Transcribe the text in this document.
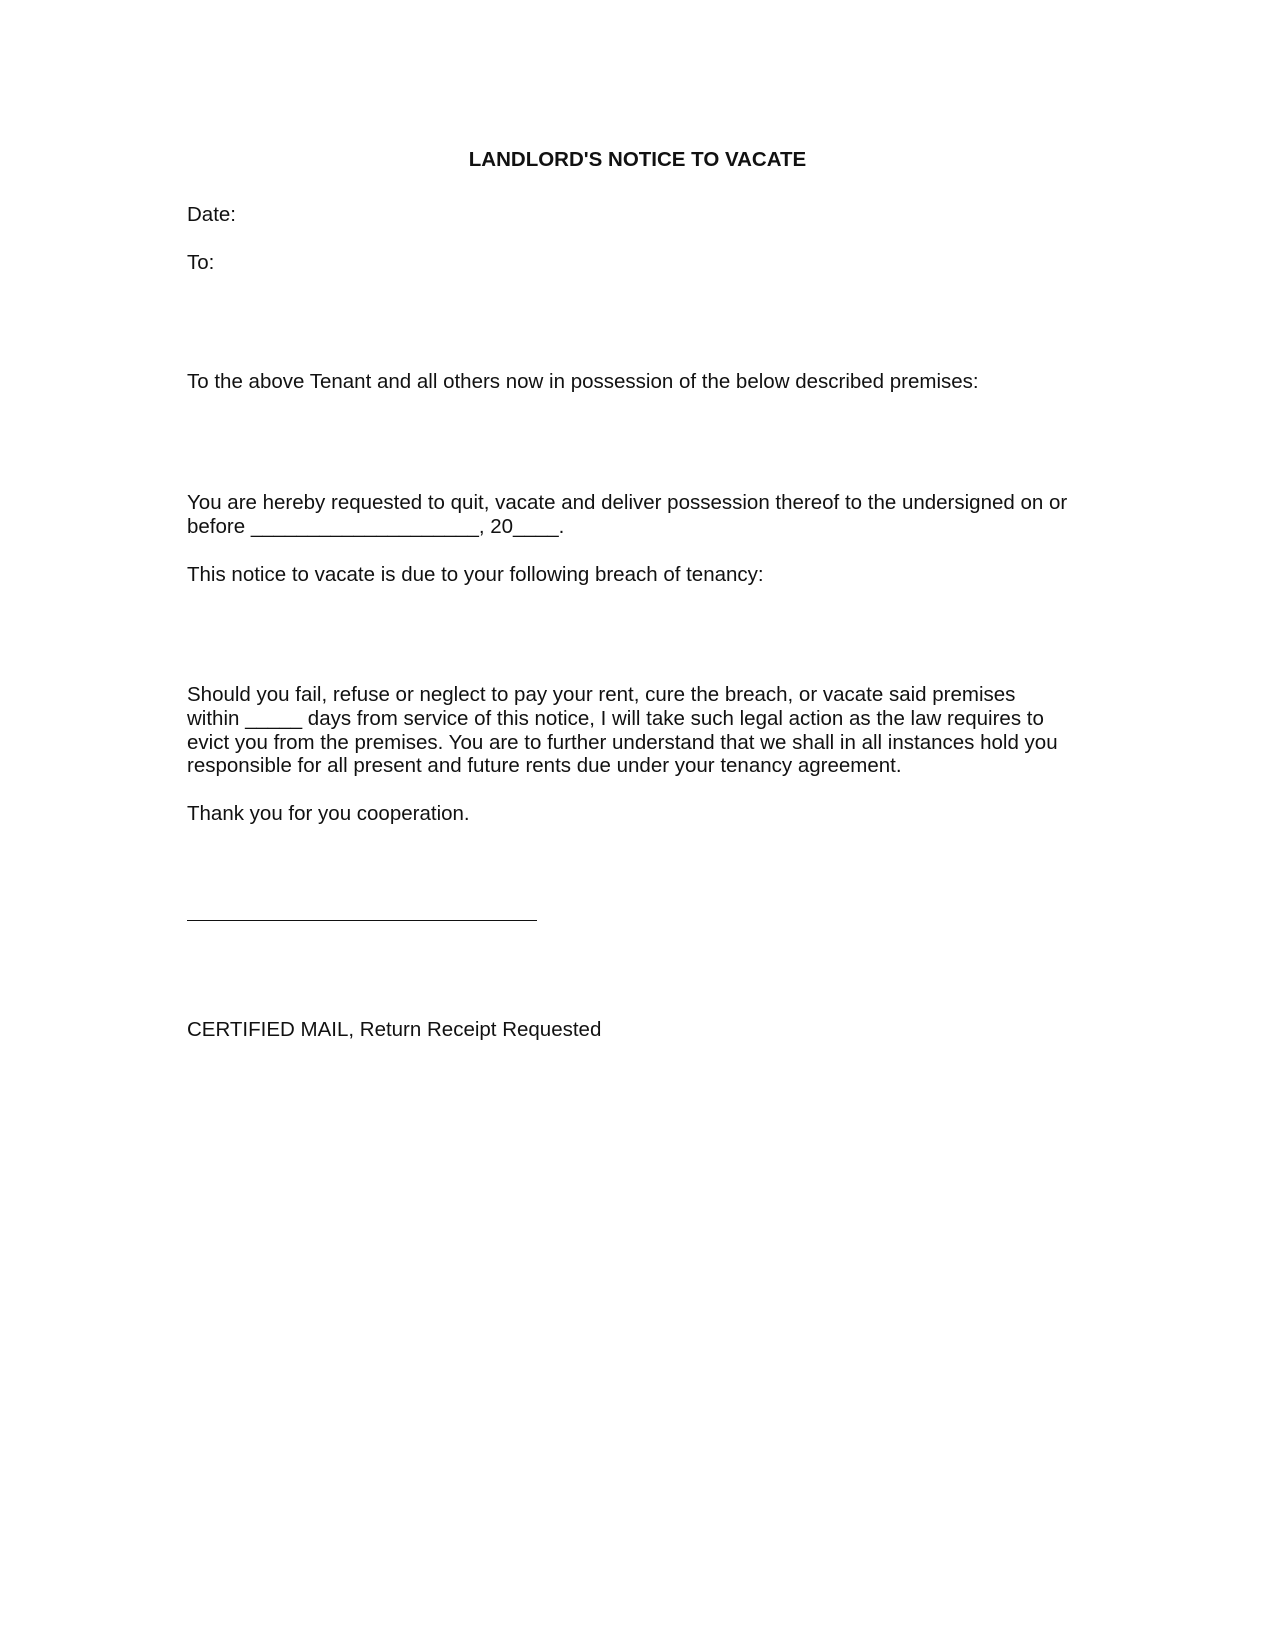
LANDLORD'S NOTICE TO VACATE

Date:

To:

To the above Tenant and all others now in possession of the below described premises:

You are hereby requested to quit, vacate and deliver possession thereof to the undersigned on or

before ____________________, 20____.

This notice to vacate is due to your following breach of tenancy:

Should you fail, refuse or neglect to pay your rent, cure the breach, or vacate said premises

within _____ days from service of this notice, I will take such legal action as the law requires to

evict you from the premises. You are to further understand that we shall in all instances hold you

responsible for all present and future rents due under your tenancy agreement.

Thank you for you cooperation.

CERTIFIED MAIL, Return Receipt Requested
